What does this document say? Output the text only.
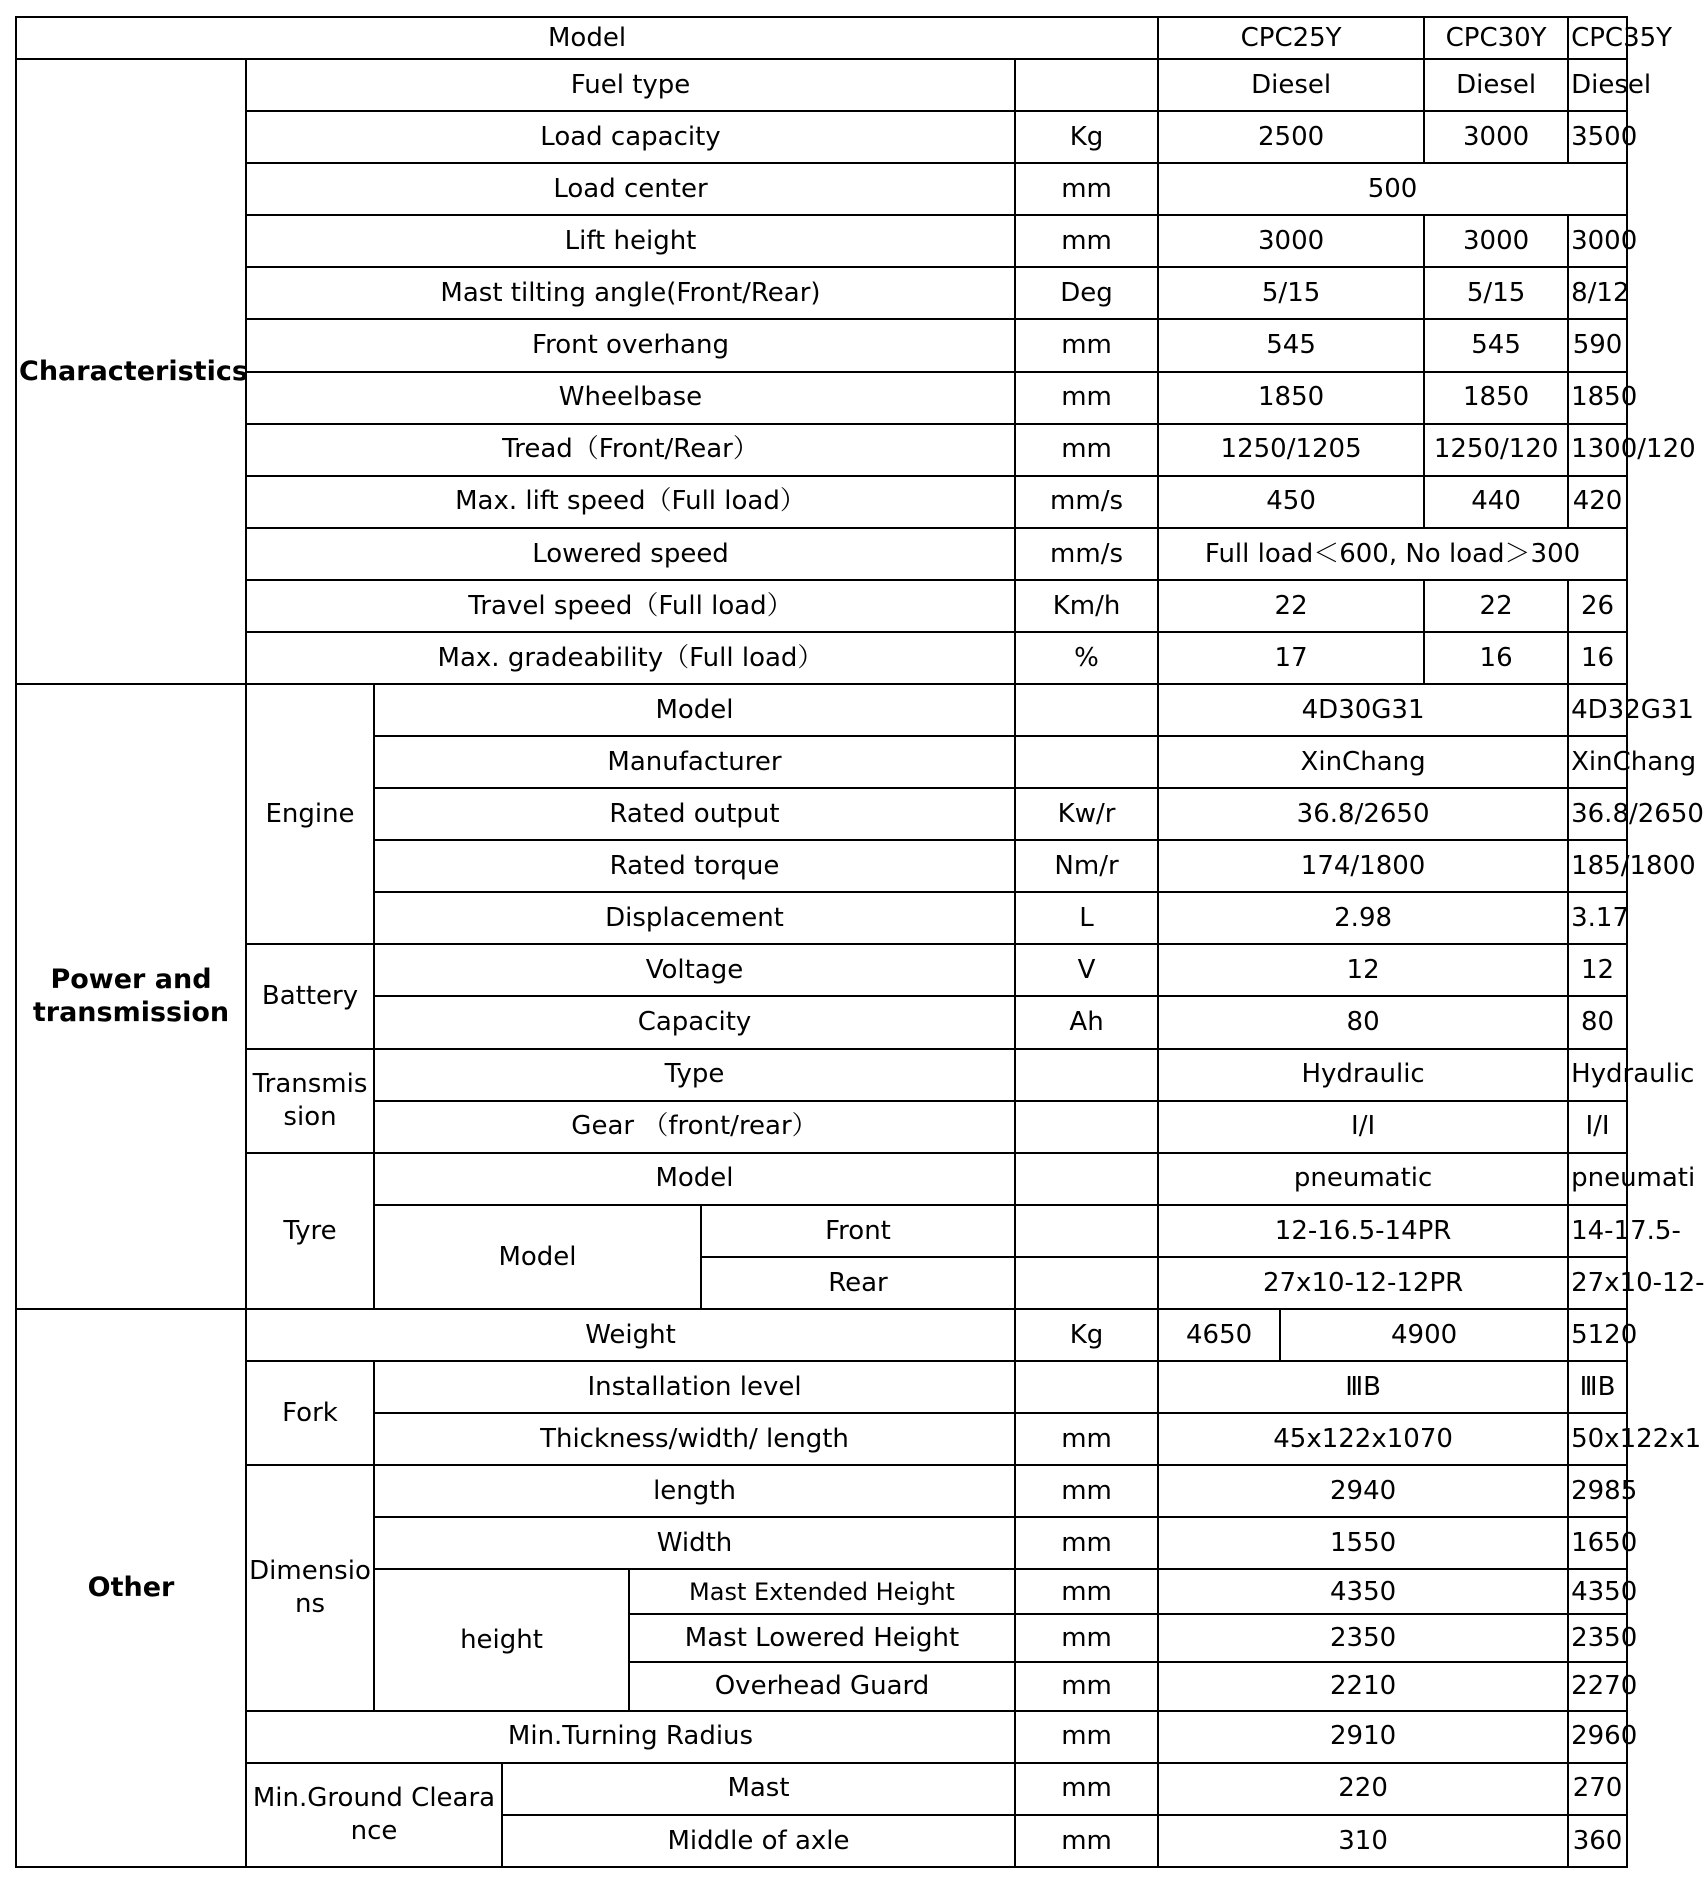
Model							CPC25Y		CPC30Y	CPC35Y
Characteristics	Fuel type						Diesel		Diesel	Diesel
	Load capacity					Kg	2500		3000	3500
	Load center					mm	500			
	Lift height					mm	3000		3000	3000
	Mast tilting angle(Front/Rear)					Deg	5/15		5/15	8/12
	Front overhang					mm	545		545	590
	Wheelbase					mm	1850		1850	1850
	Tread（Front/Rear）					mm	1250/1205		1250/120	1300/120
	Max. lift speed（Full load）					mm/s	450		440	420
	Lowered speed					mm/s	Full load＜600, No load＞300			
	Travel speed（Full load）					Km/h	22		22	26
	Max. gradeability（Full load）					%	17		16	16
Power and transmission	Engine	Model					4D30G31			4D32G31
		Manufacturer					XinChang			XinChang
		Rated output				Kw/r	36.8/2650			36.8/2650
		Rated torque				Nm/r	174/1800			185/1800
		Displacement				L	2.98			3.17
	Battery	Voltage				V	12			12
		Capacity				Ah	80			80
	Transmission	Type					Hydraulic			Hydraulic
		Gear （front/rear）					Ⅰ/Ⅰ			Ⅰ/Ⅰ
	Tyre	Model					pneumatic			pneumati
		Model			Front		12-16.5-14PR			14-17.5-
					Rear		27x10-12-12PR			27x10-12-
Other	Weight					Kg	4650	4900		5120
	Fork	Installation level					ⅢB			ⅢB
		Thickness/width/ length				mm	45x122x1070			50x122x1
	Dimensions	length				mm	2940			2985
		Width				mm	1550			1650
		height		Mast Extended Height		mm	4350			4350
				Mast Lowered Height		mm	2350			2350
				Overhead Guard		mm	2210			2270
	Min.Turning Radius					mm	2910			2960
	Min.Ground Clearance		Mast			mm	220			270
			Middle of axle			mm	310			360
